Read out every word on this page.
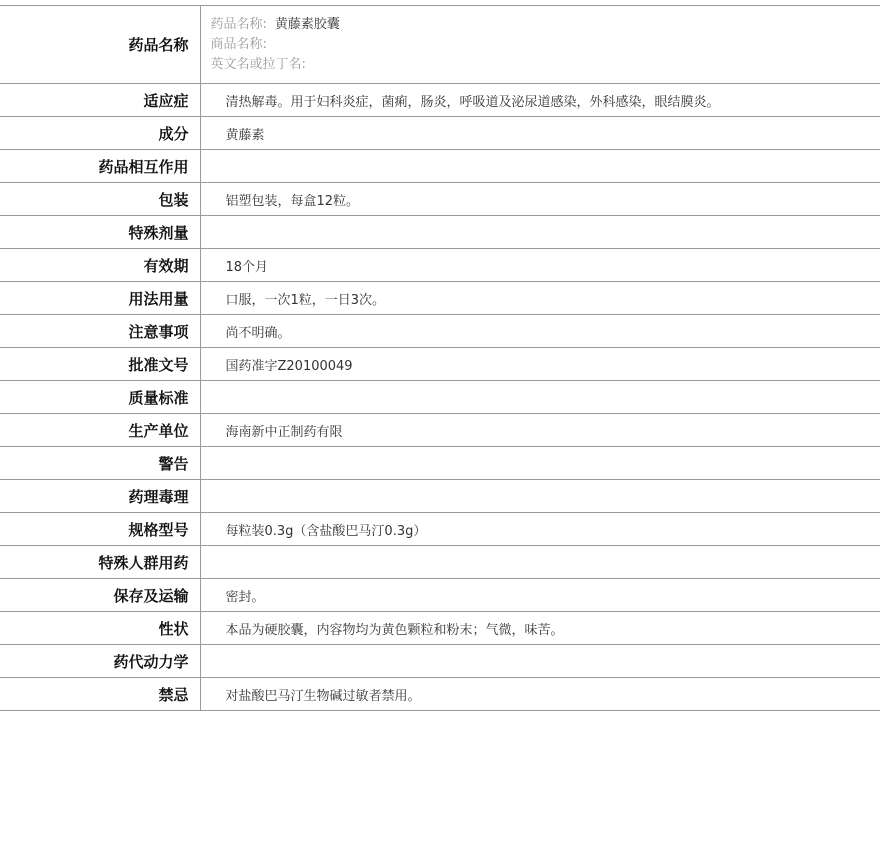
药品名称	药品名称: 黄藤素胶囊
商品名称:
英文名或拉丁名:

适应症	清热解毒。用于妇科炎症，菌痢，肠炎，呼吸道及泌尿道感染，外科感染，眼结膜炎。
成分	黄藤素
药品相互作用	
包装	铝塑包装，每盒12粒。
特殊剂量	
有效期	18个月
用法用量	口服，一次1粒，一日3次。
注意事项	尚不明确。
批准文号	国药准字Z20100049
质量标准	
生产单位	海南新中正制药有限
警告	
药理毒理	
规格型号	每粒装0.3g（含盐酸巴马汀0.3g）
特殊人群用药	
保存及运输	密封。
性状	本品为硬胶囊，内容物均为黄色颗粒和粉末；气微，味苦。
药代动力学	
禁忌	对盐酸巴马汀生物碱过敏者禁用。
